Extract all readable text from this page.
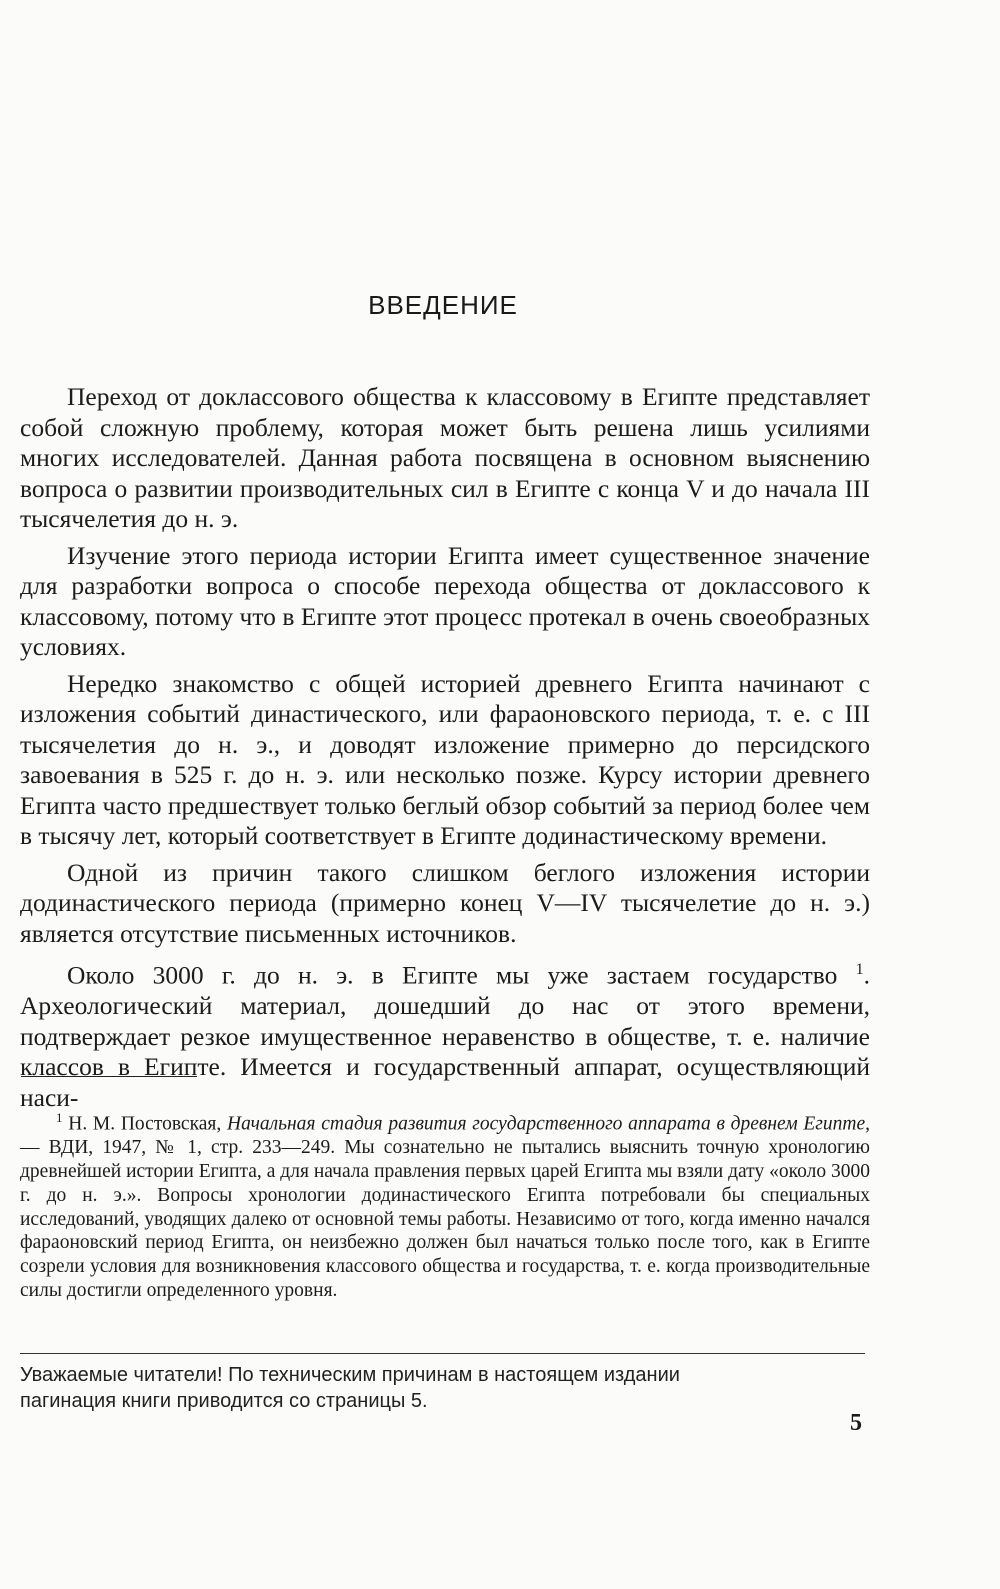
ВВЕДЕНИЕ

Переход от доклассового общества к классовому в Египте представляет собой сложную проблему, которая может быть решена лишь усилиями многих исследователей. Данная работа посвящена в основном выяснению вопроса о развитии производительных сил в Египте с конца V и до начала III тысячелетия до н. э.

Изучение этого периода истории Египта имеет существенное значение для разработки вопроса о способе перехода общества от доклассового к классовому, потому что в Египте этот процесс протекал в очень своеобразных условиях.

Нередко знакомство с общей историей древнего Египта начинают с изложения событий династического, или фараоновского периода, т. е. с III тысячелетия до н. э., и доводят изложение примерно до персидского завоевания в 525 г. до н. э. или несколько позже. Курсу истории древнего Египта часто предшествует только беглый обзор событий за период более чем в тысячу лет, который соответствует в Египте додинастическому времени.

Одной из причин такого слишком беглого изложения истории додинастического периода (примерно конец V—IV тысячелетие до н. э.) является отсутствие письменных источников.

Около 3000 г. до н. э. в Египте мы уже застаем государство $^1$. Археологический материал, дошедший до нас от этого времени, подтверждает резкое имущественное неравенство в обществе, т. е. наличие классов в Египте. Имеется и государственный аппарат, осуществляющий наси-

$^1$ Н. М. Постовская, Начальная стадия развития государственного аппарата в древнем Египте,— ВДИ, 1947, № 1, стр. 233—249. Мы сознательно не пытались выяснить точную хронологию древнейшей истории Египта, а для начала правления первых царей Египта мы взяли дату «около 3000 г. до н. э.». Вопросы хронологии додинастического Египта потребовали бы специальных исследований, уводящих далеко от основной темы работы. Независимо от того, когда именно начался фараоновский период Египта, он неизбежно должен был начаться только после того, как в Египте созрели условия для возникновения классового общества и государства, т. е. когда производительные силы достигли определенного уровня.

Уважаемые читатели! По техническим причинам в настоящем издании
пагинация книги приводится со страницы 5.
5
